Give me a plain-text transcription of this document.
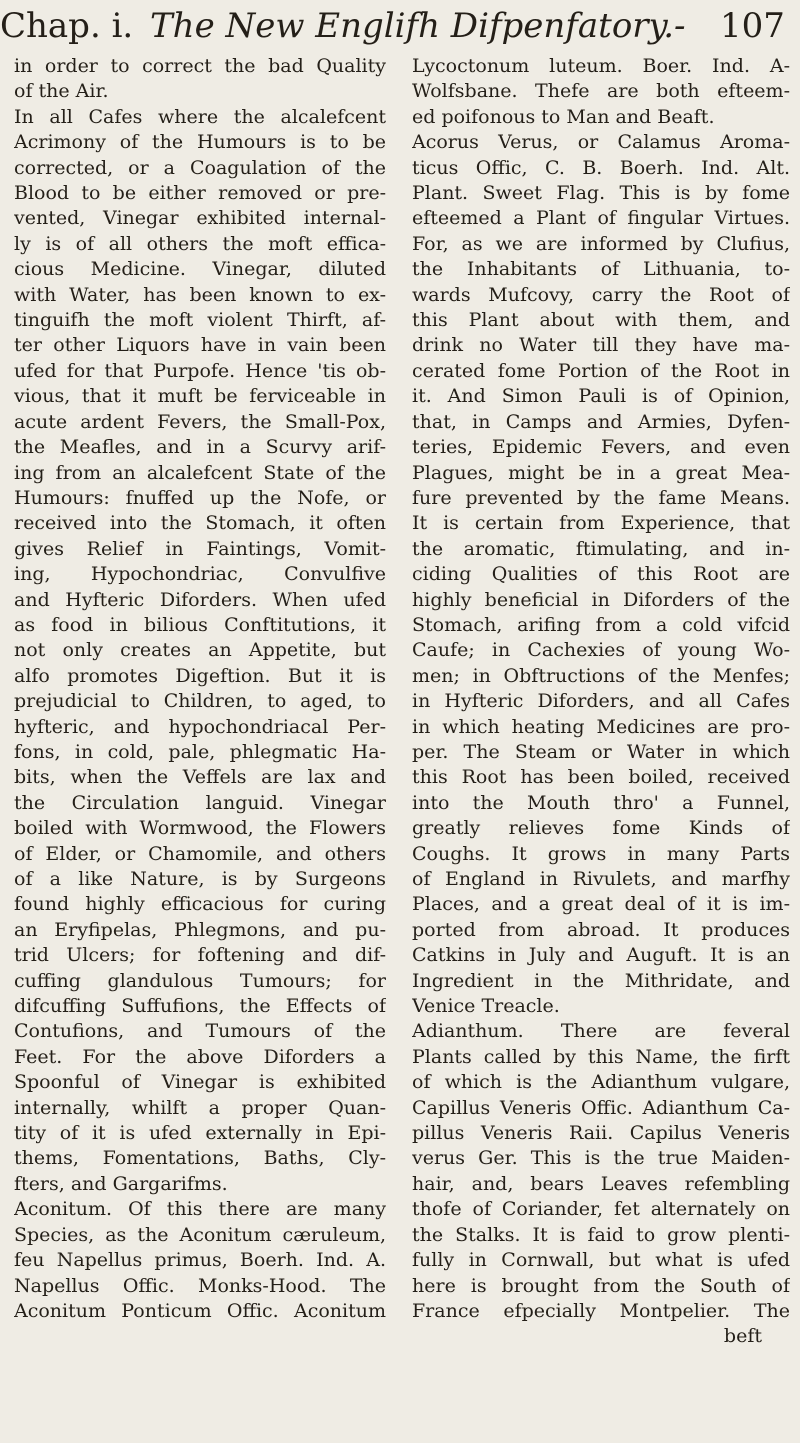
Chap. i. The New Englifh Difpenfatory.- 107
in order to correct the bad Quality
of the Air.
In all Cafes where the alcalefcent
Acrimony of the Humours is to be
corrected, or a Coagulation of the
Blood to be either removed or pre-
vented, Vinegar exhibited internal-
ly is of all others the moft effica-
cious Medicine. Vinegar, diluted
with Water, has been known to ex-
tinguifh the moft violent Thirft, af-
ter other Liquors have in vain been
ufed for that Purpofe. Hence 'tis ob-
vious, that it muft be ferviceable in
acute ardent Fevers, the Small-Pox,
the Meafles, and in a Scurvy arif-
ing from an alcalefcent State of the
Humours: fnuffed up the Nofe, or
received into the Stomach, it often
gives Relief in Faintings, Vomit-
ing, Hypochondriac, Convulfive
and Hyfteric Diforders. When ufed
as food in bilious Conftitutions, it
not only creates an Appetite, but
alfo promotes Digeftion. But it is
prejudicial to Children, to aged, to
hyfteric, and hypochondriacal Per-
fons, in cold, pale, phlegmatic Ha-
bits, when the Veffels are lax and
the Circulation languid. Vinegar
boiled with Wormwood, the Flowers
of Elder, or Chamomile, and others
of a like Nature, is by Surgeons
found highly efficacious for curing
an Eryfipelas, Phlegmons, and pu-
trid Ulcers; for foftening and dif-
cuffing glandulous Tumours; for
difcuffing Suffufions, the Effects of
Contufions, and Tumours of the
Feet. For the above Diforders a
Spoonful of Vinegar is exhibited
internally, whilft a proper Quan-
tity of it is ufed externally in Epi-
thems, Fomentations, Baths, Cly-
fters, and Gargarifms.
Aconitum. Of this there are many
Species, as the Aconitum cæruleum,
feu Napellus primus, Boerh. Ind. A.
Napellus Offic. Monks-Hood. The
Aconitum Ponticum Offic. Aconitum
Lycoctonum luteum. Boer. Ind. A-
Wolfsbane. Thefe are both efteem-
ed poifonous to Man and Beaft.
Acorus Verus, or Calamus Aroma-
ticus Offic, C. B. Boerh. Ind. Alt.
Plant. Sweet Flag. This is by fome
efteemed a Plant of fingular Virtues.
For, as we are informed by Clufius,
the Inhabitants of Lithuania, to-
wards Mufcovy, carry the Root of
this Plant about with them, and
drink no Water till they have ma-
cerated fome Portion of the Root in
it. And Simon Pauli is of Opinion,
that, in Camps and Armies, Dyfen-
teries, Epidemic Fevers, and even
Plagues, might be in a great Mea-
fure prevented by the fame Means.
It is certain from Experience, that
the aromatic, ftimulating, and in-
ciding Qualities of this Root are
highly beneficial in Diforders of the
Stomach, arifing from a cold vifcid
Caufe; in Cachexies of young Wo-
men; in Obftructions of the Menfes;
in Hyfteric Diforders, and all Cafes
in which heating Medicines are pro-
per. The Steam or Water in which
this Root has been boiled, received
into the Mouth thro' a Funnel,
greatly relieves fome Kinds of
Coughs. It grows in many Parts
of England in Rivulets, and marfhy
Places, and a great deal of it is im-
ported from abroad. It produces
Catkins in July and Auguft. It is an
Ingredient in the Mithridate, and
Venice Treacle.
Adianthum. There are feveral
Plants called by this Name, the firft
of which is the Adianthum vulgare,
Capillus Veneris Offic. Adianthum Ca-
pillus Veneris Raii. Capilus Veneris
verus Ger. This is the true Maiden-
hair, and, bears Leaves refembling
thofe of Coriander, fet alternately on
the Stalks. It is faid to grow plenti-
fully in Cornwall, but what is ufed
here is brought from the South of
France efpecially Montpelier. The
beft
